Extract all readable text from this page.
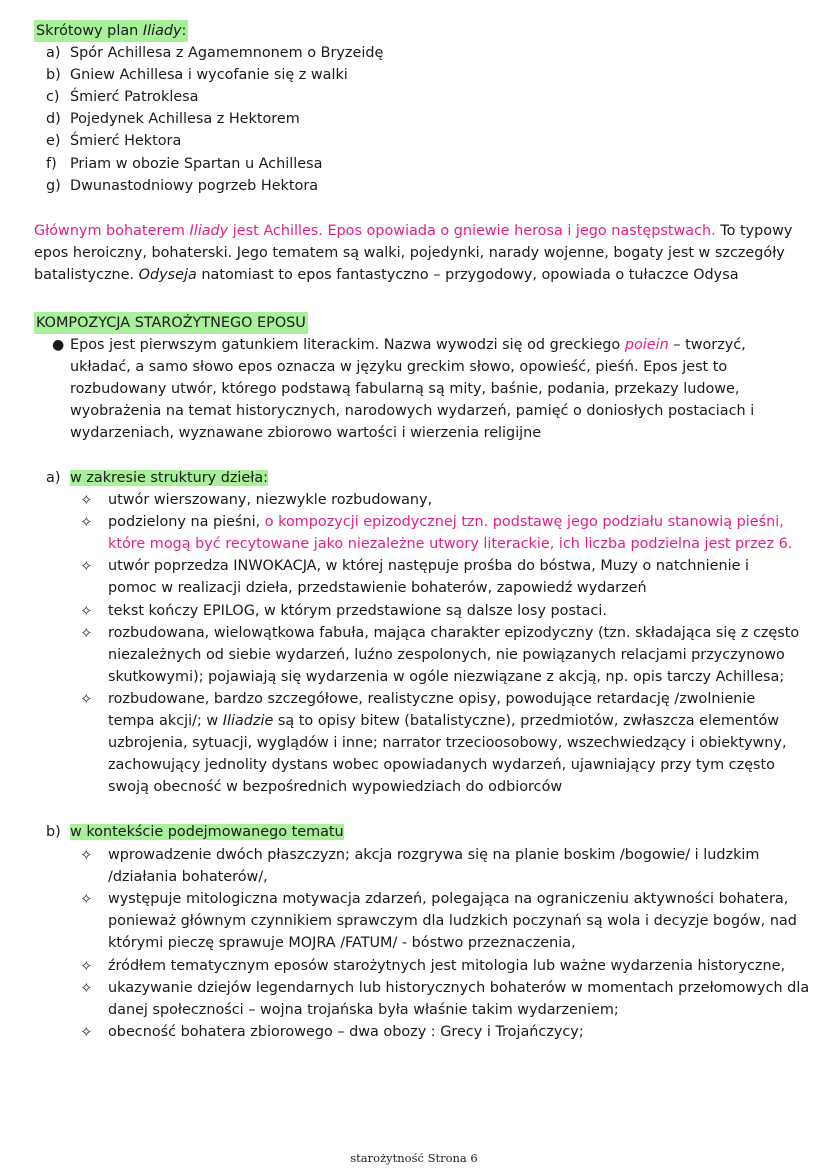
Skrótowy plan Iliady:
a) Spór Achillesa z Agamemnonem o Bryzeidę
b) Gniew Achillesa i wycofanie się z walki
c) Śmierć Patroklesa
d) Pojedynek Achillesa z Hektorem
e) Śmierć Hektora
f) Priam w obozie Spartan u Achillesa
g) Dwunastodniowy pogrzeb Hektora
Głównym bohaterem Iliady jest Achilles. Epos opowiada o gniewie herosa i jego następstwach. To typowy
epos heroiczny, bohaterski. Jego tematem są walki, pojedynki, narady wojenne, bogaty jest w szczegóły
batalistyczne. Odyseja natomiast to epos fantastyczno – przygodowy, opowiada o tułaczce Odysa
KOMPOZYCJA STAROŻYTNEGO EPOSU
● Epos jest pierwszym gatunkiem literackim. Nazwa wywodzi się od greckiego poiein – tworzyć,
układać, a samo słowo epos oznacza w języku greckim słowo, opowieść, pieśń. Epos jest to
rozbudowany utwór, którego podstawą fabularną są mity, baśnie, podania, przekazy ludowe,
wyobrażenia na temat historycznych, narodowych wydarzeń, pamięć o doniosłych postaciach i
wydarzeniach, wyznawane zbiorowo wartości i wierzenia religijne
a) w zakresie struktury dzieła:
✧ utwór wierszowany, niezwykle rozbudowany,
✧ podzielony na pieśni, o kompozycji epizodycznej tzn. podstawę jego podziału stanowią pieśni,
które mogą być recytowane jako niezależne utwory literackie, ich liczba podzielna jest przez 6.
✧ utwór poprzedza INWOKACJA, w której następuje prośba do bóstwa, Muzy o natchnienie i
pomoc w realizacji dzieła, przedstawienie bohaterów, zapowiedź wydarzeń
✧ tekst kończy EPILOG, w którym przedstawione są dalsze losy postaci.
✧ rozbudowana, wielowątkowa fabuła, mająca charakter epizodyczny (tzn. składająca się z często
niezależnych od siebie wydarzeń, luźno zespolonych, nie powiązanych relacjami przyczynowo
skutkowymi); pojawiają się wydarzenia w ogóle niezwiązane z akcją, np. opis tarczy Achillesa;
✧ rozbudowane, bardzo szczegółowe, realistyczne opisy, powodujące retardację /zwolnienie
tempa akcji/; w Iliadzie są to opisy bitew (batalistyczne), przedmiotów, zwłaszcza elementów
uzbrojenia, sytuacji, wyglądów i inne; narrator trzecioosobowy, wszechwiedzący i obiektywny,
zachowujący jednolity dystans wobec opowiadanych wydarzeń, ujawniający przy tym często
swoją obecność w bezpośrednich wypowiedziach do odbiorców
b) w kontekście podejmowanego tematu
✧ wprowadzenie dwóch płaszczyzn; akcja rozgrywa się na planie boskim /bogowie/ i ludzkim
/działania bohaterów/,
✧ występuje mitologiczna motywacja zdarzeń, polegająca na ograniczeniu aktywności bohatera,
ponieważ głównym czynnikiem sprawczym dla ludzkich poczynań są wola i decyzje bogów, nad
którymi pieczę sprawuje MOJRA /FATUM/ - bóstwo przeznaczenia,
✧ źródłem tematycznym eposów starożytnych jest mitologia lub ważne wydarzenia historyczne,
✧ ukazywanie dziejów legendarnych lub historycznych bohaterów w momentach przełomowych dla
danej społeczności – wojna trojańska była właśnie takim wydarzeniem;
✧ obecność bohatera zbiorowego – dwa obozy : Grecy i Trojańczycy;
starożytność Strona 6
